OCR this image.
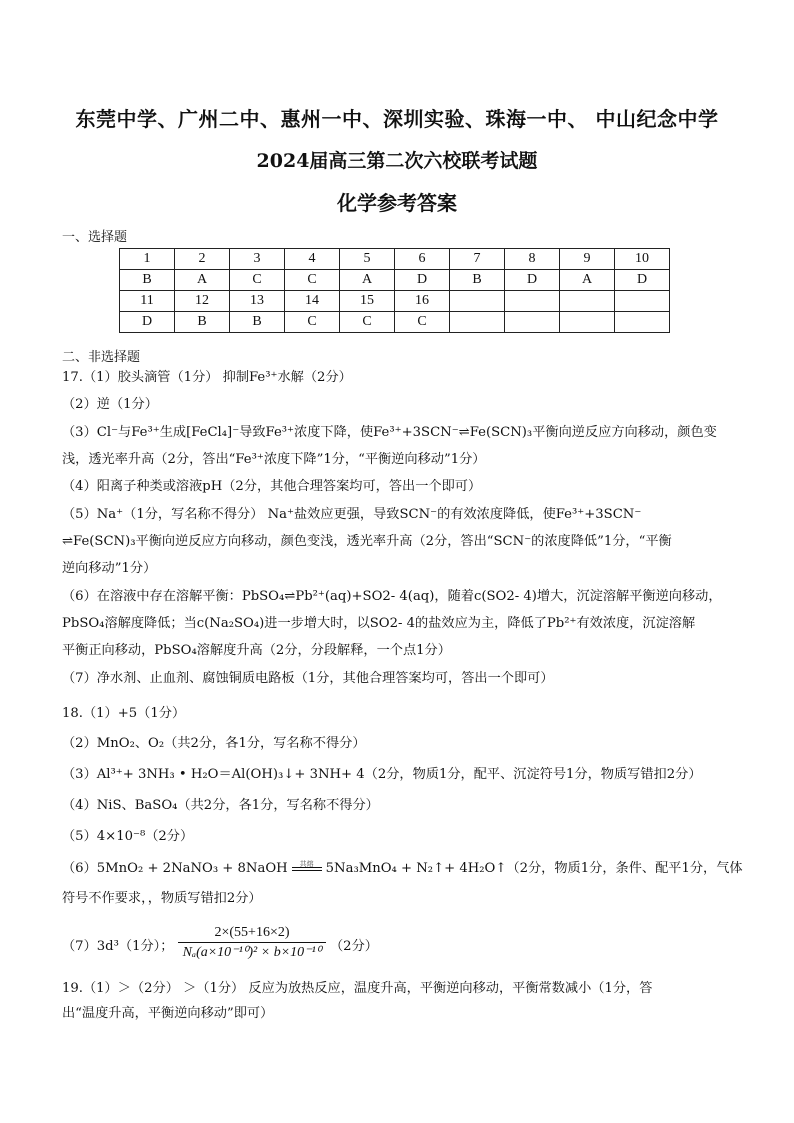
东莞中学、广州二中、惠州一中、深圳实验、珠海一中、 中山纪念中学
2024届高三第二次六校联考试题
化学参考答案
一、选择题
1	2	3	4	5	6	7	8	9	10
B	A	C	C	A	D	B	D	A	D
11	12	13	14	15	16				
D	B	B	C	C	C				
二、非选择题
17.（1）胶头滴管（1分） 抑制Fe³⁺水解（2分）
（2）逆（1分）
（3）Cl⁻与Fe³⁺生成[FeCl₄]⁻导致Fe³⁺浓度下降，使Fe³⁺+3SCN⁻⇌Fe(SCN)₃平衡向逆反应方向移动，颜色变
浅，透光率升高（2分，答出“Fe³⁺浓度下降”1分，“平衡逆向移动”1分）
（4）阳离子种类或溶液pH（2分，其他合理答案均可，答出一个即可）
（5）Na⁺（1分，写名称不得分） Na⁺盐效应更强，导致SCN⁻的有效浓度降低，使Fe³⁺+3SCN⁻
⇌Fe(SCN)₃平衡向逆反应方向移动，颜色变浅，透光率升高（2分，答出“SCN⁻的浓度降低”1分，“平衡
逆向移动”1分）
（6）在溶液中存在溶解平衡：PbSO₄⇌Pb²⁺(aq)+SO2- 4(aq)，随着c(SO2- 4)增大，沉淀溶解平衡逆向移动，
PbSO₄溶解度降低；当c(Na₂SO₄)进一步增大时，以SO2- 4的盐效应为主，降低了Pb²⁺有效浓度，沉淀溶解
平衡正向移动，PbSO₄溶解度升高（2分，分段解释，一个点1分）
（7）净水剂、止血剂、腐蚀铜质电路板（1分，其他合理答案均可，答出一个即可）
18.（1）+5（1分）
（2）MnO₂、O₂（共2分，各1分，写名称不得分）
（3）Al³⁺+ 3NH₃ • H₂O＝Al(OH)₃↓+ 3NH+ 4（2分，物质1分，配平、沉淀符号1分，物质写错扣2分）
（4）NiS、BaSO₄（共2分，各1分，写名称不得分）
（5）4×10⁻⁸（2分）
（6）5MnO₂ + 2NaNO₃ + 8NaOH	共熔 5Na₃MnO₄ + N₂↑+ 4H₂O↑（2分，物质1分，条件、配平1分，气体
符号不作要求，，物质写错扣2分）
（7）3d³（1分）；
2×(55+16×2)
Nₐ(a×10⁻¹⁰)² × b×10⁻¹⁰ （2分）
19.（1）＞（2分） ＞（1分） 反应为放热反应，温度升高，平衡逆向移动，平衡常数减小（1分，答
出“温度升高，平衡逆向移动”即可）
